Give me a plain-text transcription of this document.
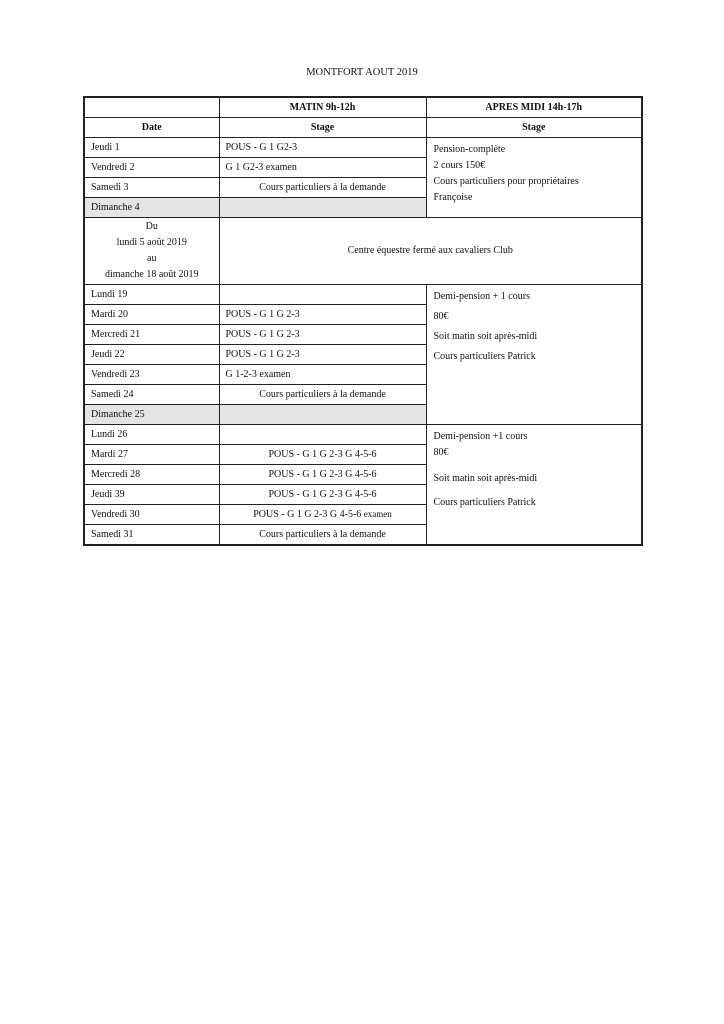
MONTFORT AOUT 2019
	MATIN 9h-12h	APRES MIDI 14h-17h
Date	Stage	Stage
Jeudi 1	POUS - G 1 G2-3	Pension-complète
2 cours 150€
Cours particuliers pour propriétaires
Françoise

Vendredi 2	G 1 G2-3 examen	
Samedi 3	Cours particuliers à la demande	
Dimanche 4		

Du
lundi 5 août 2019
au
dimanche 18 août 2019	Centre équestre fermé aux cavaliers Club	
Lundi 19		Demi-pension + 1 cours
80€
Soit matin soit après-midi
Cours particuliers Patrick

Mardi 20	POUS - G 1 G 2-3	
Mercredi 21	POUS - G 1 G 2-3	
Jeudi 22	POUS - G 1 G 2-3	
Vendredi 23	G 1-2-3 examen	
Samedi 24	Cours particuliers à la demande	
Dimanche 25		
Lundi 26		Demi-pension +1 cours
80€
Soit matin soit après-midi
Cours particuliers Patrick

Mardi 27	POUS - G 1 G 2-3 G 4-5-6	
Mercredi 28	POUS - G 1 G 2-3 G 4-5-6	
Jeudi 39	POUS - G 1 G 2-3 G 4-5-6	
Vendredi 30	POUS - G 1 G 2-3 G 4-5-6 examen	
Samedi 31	Cours particuliers à la demande	
